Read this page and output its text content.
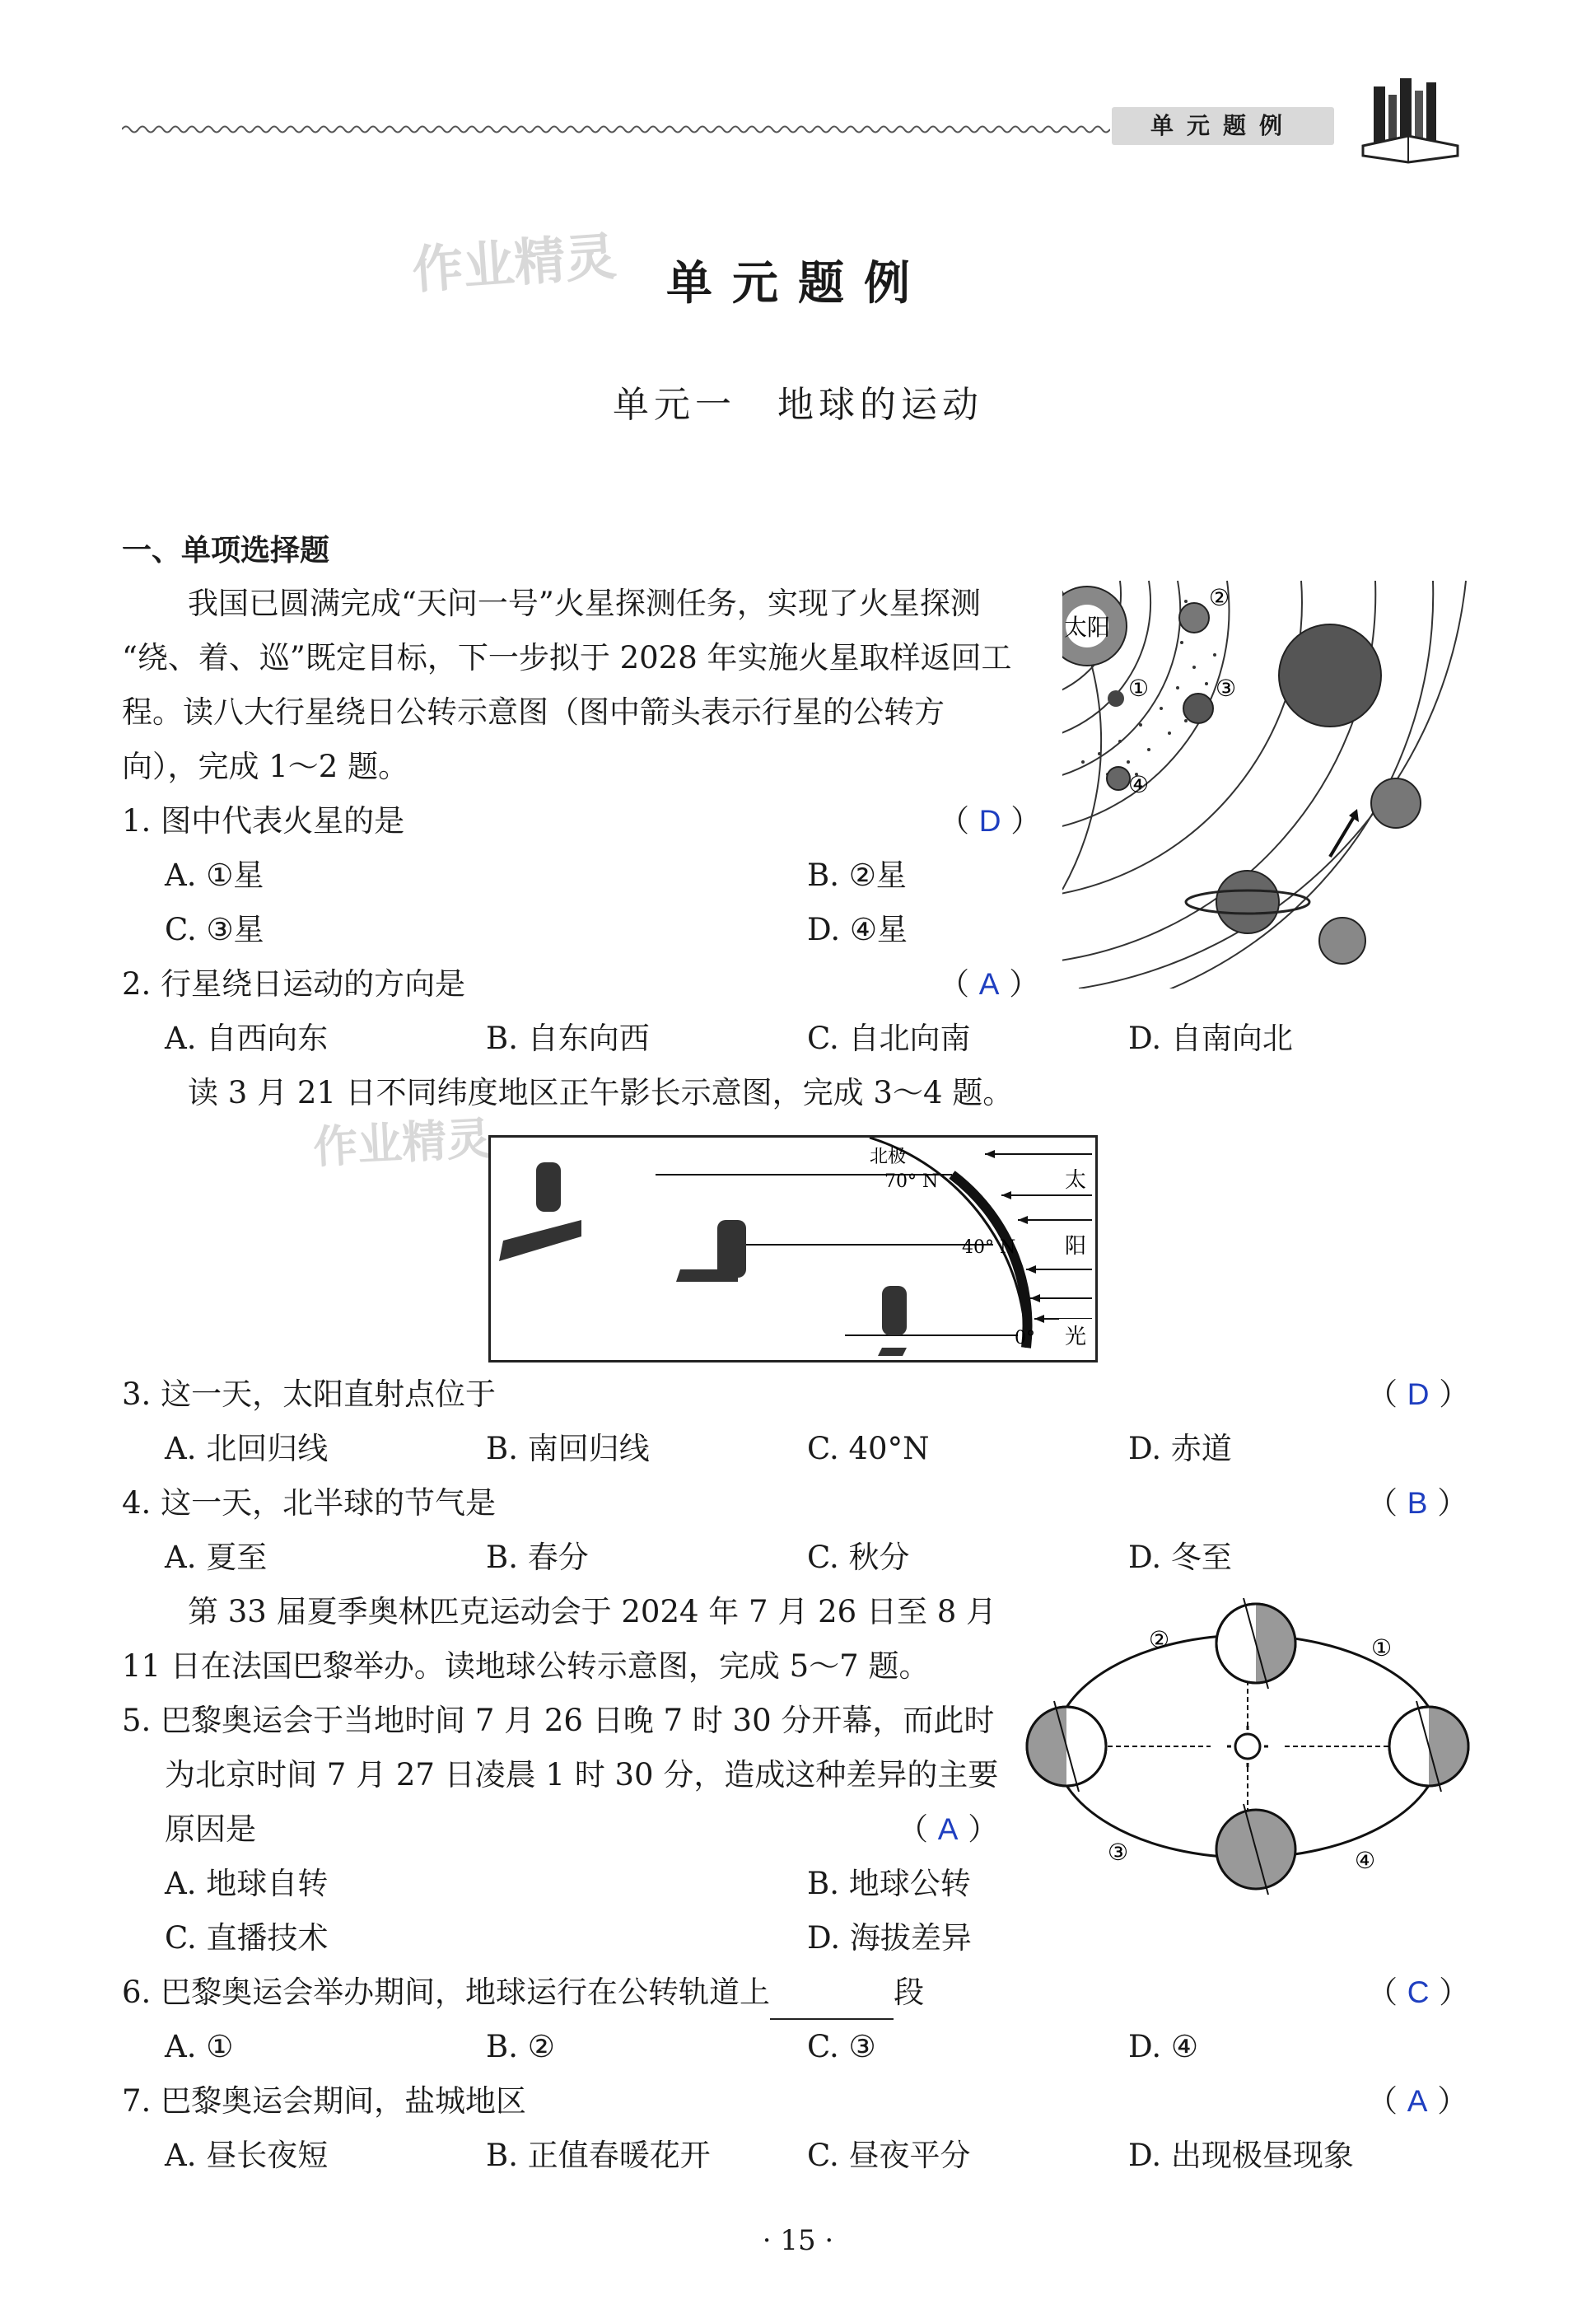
单元题例
作业精灵
作业精灵
单元题例
单元一　地球的运动
一、单项选择题
我国已圆满完成“天问一号”火星探测任务，实现了火星探测
“绕、着、巡”既定目标，下一步拟于 2028 年实施火星取样返回工
程。读八大行星绕日公转示意图（图中箭头表示行星的公转方
向），完成 1～2 题。
太阳
②
①	③
④
1. 图中代表火星的是	（ D ）
A. ①星	B. ②星
C. ③星	D. ④星
2. 行星绕日运动的方向是	（ A ）
A. 自西向东	B. 自东向西	C. 自北向南	D. 自南向北
读 3 月 21 日不同纬度地区正午影长示意图，完成 3～4 题。
太
阳
光
北极
70° N
40° N
0°
3. 这一天，太阳直射点位于	（ D ）
A. 北回归线	B. 南回归线	C. 40°N	D. 赤道
4. 这一天，北半球的节气是	（ B ）
A. 夏至	B. 春分	C. 秋分	D. 冬至
第 33 届夏季奥林匹克运动会于 2024 年 7 月 26 日至 8 月
11 日在法国巴黎举办。读地球公转示意图，完成 5～7 题。
②	①
③	④
5. 巴黎奥运会于当地时间 7 月 26 日晚 7 时 30 分开幕，而此时
为北京时间 7 月 27 日凌晨 1 时 30 分，造成这种差异的主要
原因是	（ A ）
A. 地球自转	B. 地球公转
C. 直播技术	D. 海拔差异
6. 巴黎奥运会举办期间，地球运行在公转轨道上	段	（ C ）
A. ①	B. ②	C. ③	D. ④
7. 巴黎奥运会期间，盐城地区	（ A ）
A. 昼长夜短	B. 正值春暖花开	C. 昼夜平分	D. 出现极昼现象
· 15 ·
